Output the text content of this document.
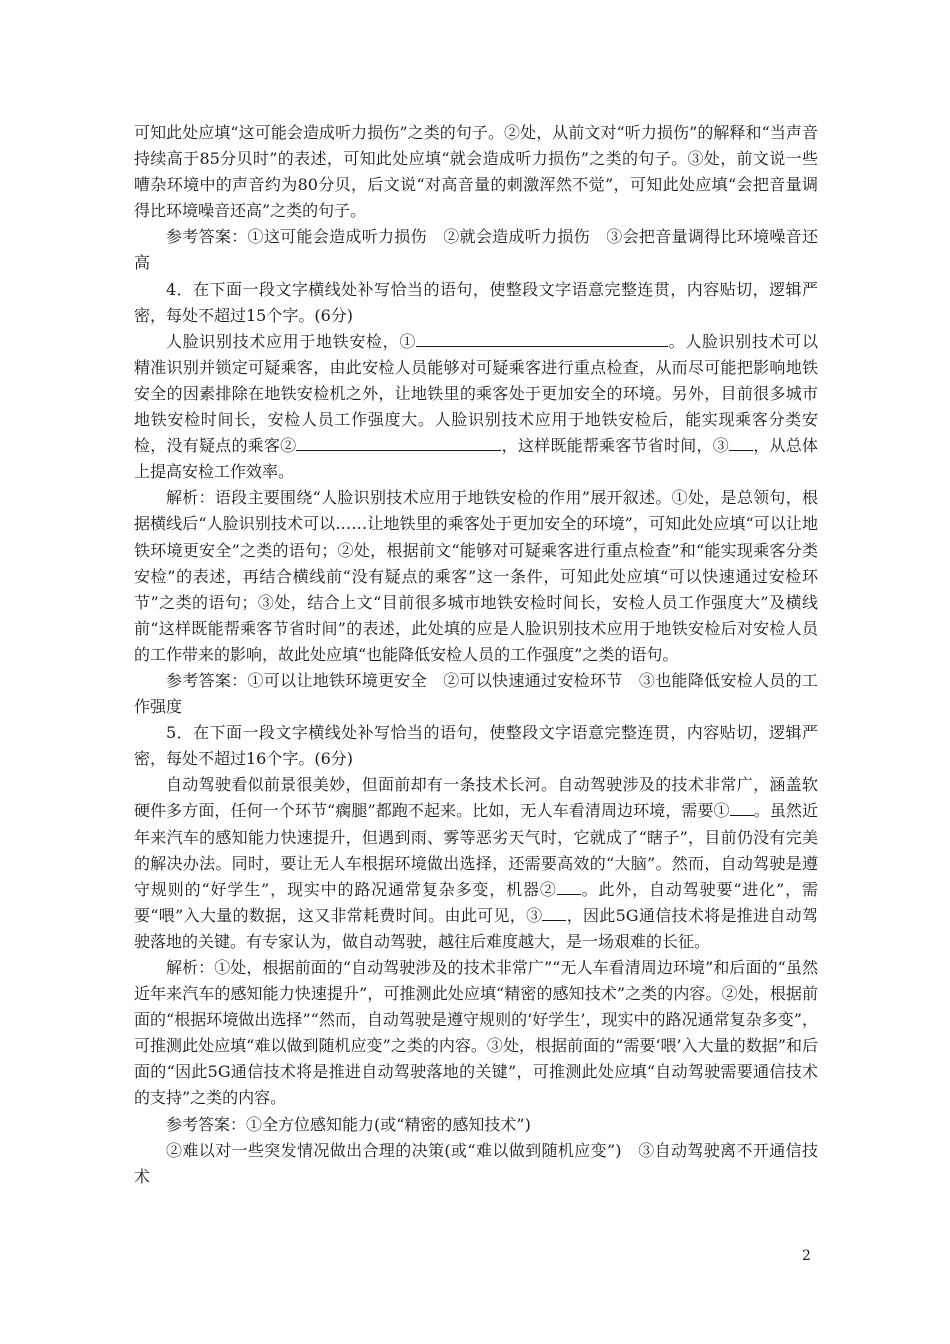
可知此处应填“这可能会造成听力损伤”之类的句子。②处，从前文对“听力损伤”的解释和“当声音持续高于85分贝时”的表述，可知此处应填“就会造成听力损伤”之类的句子。③处，前文说一些嘈杂环境中的声音约为80分贝，后文说“对高音量的刺激浑然不觉”，可知此处应填“会把音量调得比环境噪音还高”之类的句子。

参考答案：①这可能会造成听力损伤　②就会造成听力损伤　③会把音量调得比环境噪音还高

4．在下面一段文字横线处补写恰当的语句，使整段文字语意完整连贯，内容贴切，逻辑严密，每处不超过15个字。(6分)

人脸识别技术应用于地铁安检，①	。人脸识别技术可以精准识别并锁定可疑乘客，由此安检人员能够对可疑乘客进行重点检查，从而尽可能把影响地铁安全的因素排除在地铁安检机之外，让地铁里的乘客处于更加安全的环境。另外，目前很多城市地铁安检时间长，安检人员工作强度大。人脸识别技术应用于地铁安检后，能实现乘客分类安检，没有疑点的乘客②	，这样既能帮乘客节省时间，③ ，从总体上提高安检工作效率。

解析：语段主要围绕“人脸识别技术应用于地铁安检的作用”展开叙述。①处，是总领句，根据横线后“人脸识别技术可以……让地铁里的乘客处于更加安全的环境”，可知此处应填“可以让地铁环境更安全”之类的语句；②处，根据前文“能够对可疑乘客进行重点检查”和“能实现乘客分类安检”的表述，再结合横线前“没有疑点的乘客”这一条件，可知此处应填“可以快速通过安检环节”之类的语句；③处，结合上文“目前很多城市地铁安检时间长，安检人员工作强度大”及横线前“这样既能帮乘客节省时间”的表述，此处填的应是人脸识别技术应用于地铁安检后对安检人员的工作带来的影响，故此处应填“也能降低安检人员的工作强度”之类的语句。

参考答案：①可以让地铁环境更安全　②可以快速通过安检环节　③也能降低安检人员的工作强度

5．在下面一段文字横线处补写恰当的语句，使整段文字语意完整连贯，内容贴切，逻辑严密，每处不超过16个字。(6分)

自动驾驶看似前景很美妙，但面前却有一条技术长河。自动驾驶涉及的技术非常广，涵盖软硬件多方面，任何一个环节“瘸腿”都跑不起来。比如，无人车看清周边环境，需要① 。虽然近年来汽车的感知能力快速提升，但遇到雨、雾等恶劣天气时，它就成了“瞎子”，目前仍没有完美的解决办法。同时，要让无人车根据环境做出选择，还需要高效的“大脑”。然而，自动驾驶是遵守规则的“好学生”，现实中的路况通常复杂多变，机器② 。此外，自动驾驶要“进化”，需要“喂”入大量的数据，这又非常耗费时间。由此可见，③ ，因此5G通信技术将是推进自动驾驶落地的关键。有专家认为，做自动驾驶，越往后难度越大，是一场艰难的长征。

解析：①处，根据前面的“自动驾驶涉及的技术非常广”“无人车看清周边环境”和后面的“虽然近年来汽车的感知能力快速提升”，可推测此处应填“精密的感知技术”之类的内容。②处，根据前面的“根据环境做出选择”“然而，自动驾驶是遵守规则的‘好学生’，现实中的路况通常复杂多变”，可推测此处应填“难以做到随机应变”之类的内容。③处，根据前面的“需要‘喂’入大量的数据”和后面的“因此5G通信技术将是推进自动驾驶落地的关键”，可推测此处应填“自动驾驶需要通信技术的支持”之类的内容。

参考答案：①全方位感知能力(或“精密的感知技术”)

②难以对一些突发情况做出合理的决策(或“难以做到随机应变”)　③自动驾驶离不开通信技术

2
